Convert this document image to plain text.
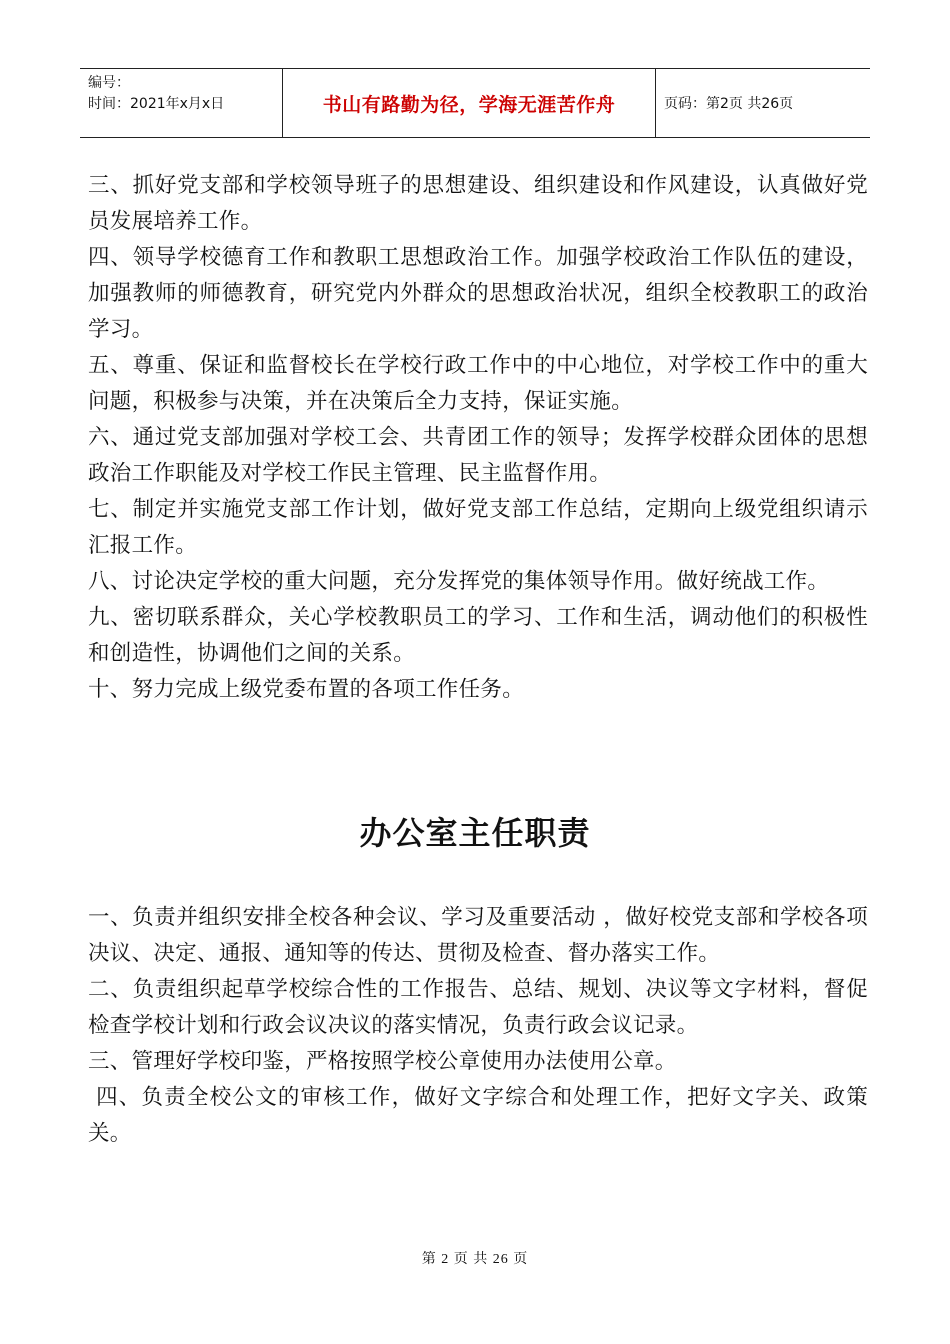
编号：
时间：2021年x月x日	书山有路勤为径，学海无涯苦作舟	页码：第2页 共26页

三、抓好党支部和学校领导班子的思想建设、组织建设和作风建设，认真做好党员发展培养工作。

四、领导学校德育工作和教职工思想政治工作。加强学校政治工作队伍的建设，加强教师的师德教育，研究党内外群众的思想政治状况，组织全校教职工的政治学习。

五、尊重、保证和监督校长在学校行政工作中的中心地位，对学校工作中的重大问题，积极参与决策，并在决策后全力支持，保证实施。

六、通过党支部加强对学校工会、共青团工作的领导；发挥学校群众团体的思想政治工作职能及对学校工作民主管理、民主监督作用。

七、制定并实施党支部工作计划，做好党支部工作总结，定期向上级党组织请示汇报工作。

八、讨论决定学校的重大问题，充分发挥党的集体领导作用。做好统战工作。

九、密切联系群众，关心学校教职员工的学习、工作和生活，调动他们的积极性和创造性，协调他们之间的关系。

十、努力完成上级党委布置的各项工作任务。

办公室主任职责

一、负责并组织安排全校各种会议、学习及重要活动 ，做好校党支部和学校各项决议、决定、通报、通知等的传达、贯彻及检查、督办落实工作。

二、负责组织起草学校综合性的工作报告、总结、规划、决议等文字材料，督促检查学校计划和行政会议决议的落实情况，负责行政会议记录。

三、管理好学校印鉴，严格按照学校公章使用办法使用公章。

四、负责全校公文的审核工作，做好文字综合和处理工作，把好文字关、政策关。

第 2 页 共 26 页
